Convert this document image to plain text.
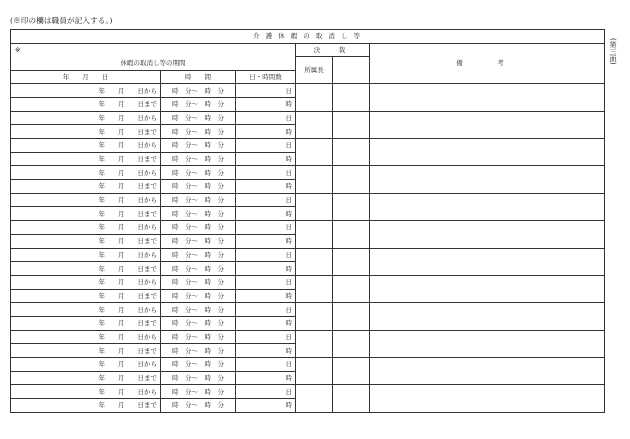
(※印の欄は職員が記入する。)
(第三面)
介 護 休 暇 の 取 消 し 等					
※			決　裁		備　考
休暇の取消し等の期間			所属長		
年　　月　　日	時　　間	日・時間数			
年　　月　　日から	時　分～　時　分	日			
年　　月　　日まで	時　分～　時　分	時			
年　　月　　日から	時　分～　時　分	日			
年　　月　　日まで	時　分～　時　分	時			
年　　月　　日から	時　分～　時　分	日			
年　　月　　日まで	時　分～　時　分	時			
年　　月　　日から	時　分～　時　分	日			
年　　月　　日まで	時　分～　時　分	時			
年　　月　　日から	時　分～　時　分	日			
年　　月　　日まで	時　分～　時　分	時			
年　　月　　日から	時　分～　時　分	日			
年　　月　　日まで	時　分～　時　分	時			
年　　月　　日から	時　分～　時　分	日			
年　　月　　日まで	時　分～　時　分	時			
年　　月　　日から	時　分～　時　分	日			
年　　月　　日まで	時　分～　時　分	時			
年　　月　　日から	時　分～　時　分	日			
年　　月　　日まで	時　分～　時　分	時			
年　　月　　日から	時　分～　時　分	日			
年　　月　　日まで	時　分～　時　分	時			
年　　月　　日から	時　分～　時　分	日			
年　　月　　日まで	時　分～　時　分	時			
年　　月　　日から	時　分～　時　分	日			
年　　月　　日まで	時　分～　時　分	時			
